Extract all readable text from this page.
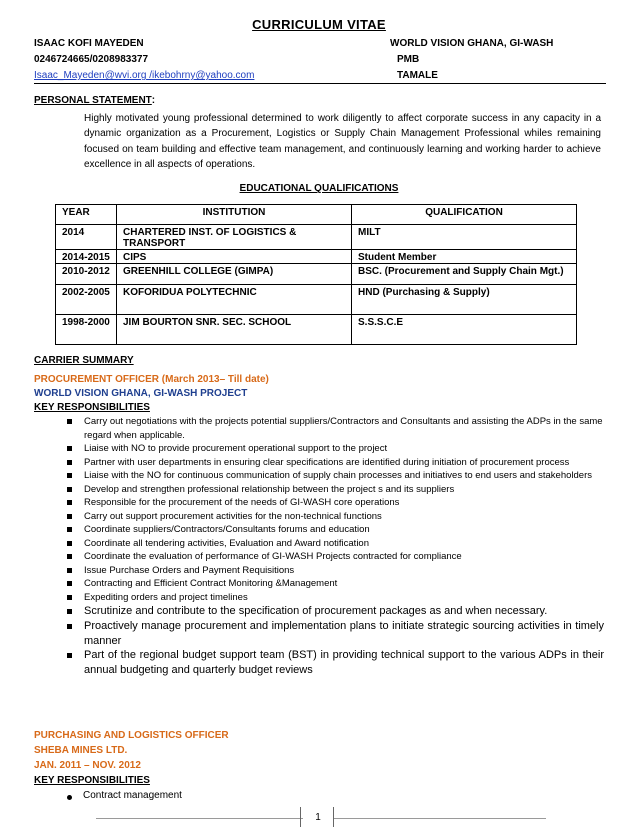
CURRICULUM VITAE
ISAAC KOFI MAYEDEN
0246724665/0208983377
Isaac_Mayeden@wvi.org /ikebohrny@yahoo.com
WORLD VISION GHANA, GI-WASH
PMB
TAMALE
PERSONAL STATEMENT:
Highly motivated young professional determined to work diligently to affect corporate success in any capacity in a dynamic organization as a Procurement, Logistics or Supply Chain Management Professional whiles remaining focused on team building and effective team management, and continuously learning and working harder to achieve excellence in all aspects of operations.
EDUCATIONAL QUALIFICATIONS
YEAR	INSTITUTION	QUALIFICATION
2014	CHARTERED INST. OF LOGISTICS & TRANSPORT	MILT
2014-2015	CIPS	Student Member
2010-2012	GREENHILL COLLEGE (GIMPA)	BSC. (Procurement and Supply Chain Mgt.)
2002-2005	KOFORIDUA POLYTECHNIC	HND (Purchasing & Supply)
1998-2000	JIM BOURTON SNR. SEC. SCHOOL	S.S.S.C.E
CARRIER SUMMARY
PROCUREMENT OFFICER (March 2013– Till date)
WORLD VISION GHANA, GI-WASH PROJECT
KEY RESPONSIBILITIES
Carry out negotiations with the projects potential suppliers/Contractors and Consultants and assisting the ADPs in the same regard when applicable.
Liaise with NO to provide procurement operational support to the project
Partner with user departments in ensuring clear specifications are identified during initiation of procurement process
Liaise with the NO for continuous communication of supply chain processes and initiatives to end users and stakeholders
Develop and strengthen professional relationship between the project s and its suppliers
Responsible for the procurement of the needs of GI-WASH core operations
Carry out support procurement activities for the non-technical functions
Coordinate suppliers/Contractors/Consultants forums and education
Coordinate all tendering activities, Evaluation and Award notification
Coordinate the evaluation of performance of GI-WASH Projects contracted for compliance
Issue Purchase Orders and Payment Requisitions
Contracting and Efficient Contract Monitoring &Management
Expediting orders and project timelines
Scrutinize and contribute to the specification of procurement packages as and when necessary.
Proactively manage procurement and implementation plans to initiate strategic sourcing activities in timely manner
Part of the regional budget support team (BST) in providing technical support to the various ADPs in their annual budgeting and quarterly budget reviews
PURCHASING AND LOGISTICS OFFICER
SHEBA MINES LTD.
JAN. 2011 – NOV. 2012
KEY RESPONSIBILITIES
Contract management
1
